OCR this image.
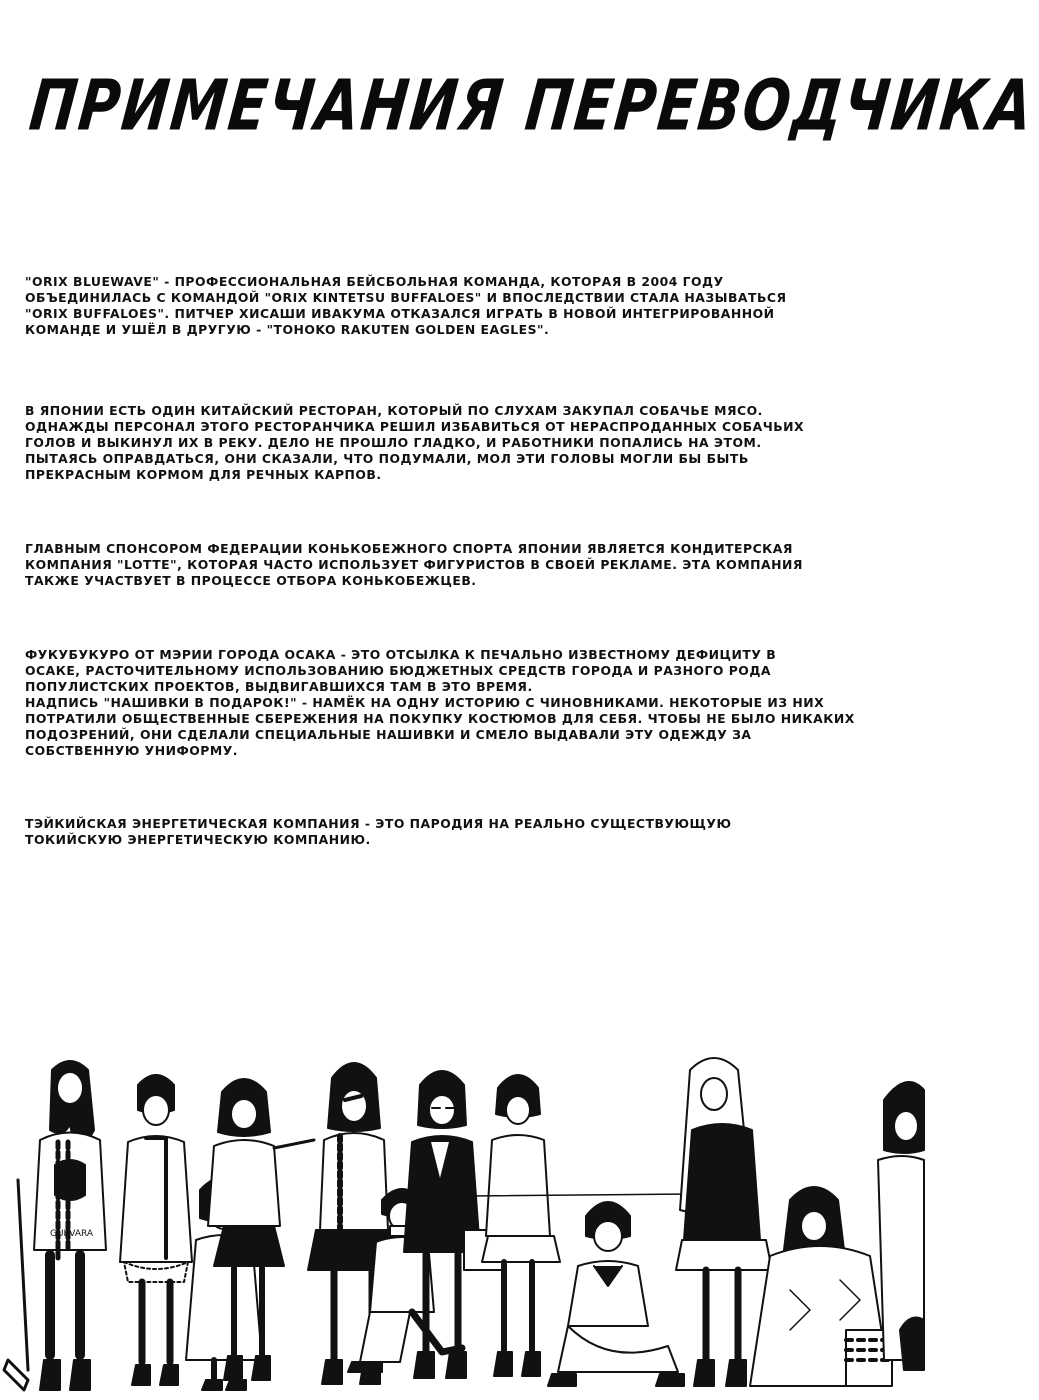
ПРИМЕЧАНИЯ ПЕРЕВОДЧИКА
"ORIX BLUEWAVE" - ПРОФЕССИОНАЛЬНАЯ БЕЙСБОЛЬНАЯ КОМАНДА, КОТОРАЯ В 2004 ГОДУ
ОБЪЕДИНИЛАСЬ С КОМАНДОЙ "ORIX KINTETSU BUFFALOES" И ВПОСЛЕДСТВИИ СТАЛА НАЗЫВАТЬСЯ
"ORIX BUFFALOES". ПИТЧЕР ХИСАШИ ИВАКУМА ОТКАЗАЛСЯ ИГРАТЬ В НОВОЙ ИНТЕГРИРОВАННОЙ
КОМАНДЕ И УШЁЛ В ДРУГУЮ - "TOHOKO RAKUTEN GOLDEN EAGLES".
В ЯПОНИИ ЕСТЬ ОДИН КИТАЙСКИЙ РЕСТОРАН, КОТОРЫЙ ПО СЛУХАМ ЗАКУПАЛ СОБАЧЬЕ МЯСО.
ОДНАЖДЫ ПЕРСОНАЛ ЭТОГО РЕСТОРАНЧИКА РЕШИЛ ИЗБАВИТЬСЯ ОТ НЕРАСПРОДАННЫХ СОБАЧЬИХ
ГОЛОВ И ВЫКИНУЛ ИХ В РЕКУ. ДЕЛО НЕ ПРОШЛО ГЛАДКО, И РАБОТНИКИ ПОПАЛИСЬ НА ЭТОМ.
ПЫТАЯСЬ ОПРАВДАТЬСЯ, ОНИ СКАЗАЛИ, ЧТО ПОДУМАЛИ, МОЛ ЭТИ ГОЛОВЫ МОГЛИ БЫ БЫТЬ
ПРЕКРАСНЫМ КОРМОМ ДЛЯ РЕЧНЫХ КАРПОВ.
ГЛАВНЫМ СПОНСОРОМ ФЕДЕРАЦИИ КОНЬКОБЕЖНОГО СПОРТА ЯПОНИИ ЯВЛЯЕТСЯ КОНДИТЕРСКАЯ
КОМПАНИЯ "LOTTE", КОТОРАЯ ЧАСТО ИСПОЛЬЗУЕТ ФИГУРИСТОВ В СВОЕЙ РЕКЛАМЕ. ЭТА КОМПАНИЯ
ТАКЖЕ УЧАСТВУЕТ В ПРОЦЕССЕ ОТБОРА КОНЬКОБЕЖЦЕВ.
ФУКУБУКУРО ОТ МЭРИИ ГОРОДА ОСАКА - ЭТО ОТСЫЛКА К ПЕЧАЛЬНО ИЗВЕСТНОМУ ДЕФИЦИТУ В
ОСАКЕ, РАСТОЧИТЕЛЬНОМУ ИСПОЛЬЗОВАНИЮ БЮДЖЕТНЫХ СРЕДСТВ ГОРОДА И РАЗНОГО РОДА
ПОПУЛИСТСКИХ ПРОЕКТОВ, ВЫДВИГАВШИХСЯ ТАМ В ЭТО ВРЕМЯ.
НАДПИСЬ "НАШИВКИ В ПОДАРОК!" - НАМЁК НА ОДНУ ИСТОРИЮ С ЧИНОВНИКАМИ. НЕКОТОРЫЕ ИЗ НИХ
ПОТРАТИЛИ ОБЩЕСТВЕННЫЕ СБЕРЕЖЕНИЯ НА ПОКУПКУ КОСТЮМОВ ДЛЯ СЕБЯ. ЧТОБЫ НЕ БЫЛО НИКАКИХ
ПОДОЗРЕНИЙ, ОНИ СДЕЛАЛИ СПЕЦИАЛЬНЫЕ НАШИВКИ И СМЕЛО ВЫДАВАЛИ ЭТУ ОДЕЖДУ ЗА
СОБСТВЕННУЮ УНИФОРМУ.
ТЭЙКИЙСКАЯ ЭНЕРГЕТИЧЕСКАЯ КОМПАНИЯ - ЭТО ПАРОДИЯ НА РЕАЛЬНО СУЩЕСТВУЮЩУЮ
ТОКИЙСКУЮ ЭНЕРГЕТИЧЕСКУЮ КОМПАНИЮ.
GUEVARA
